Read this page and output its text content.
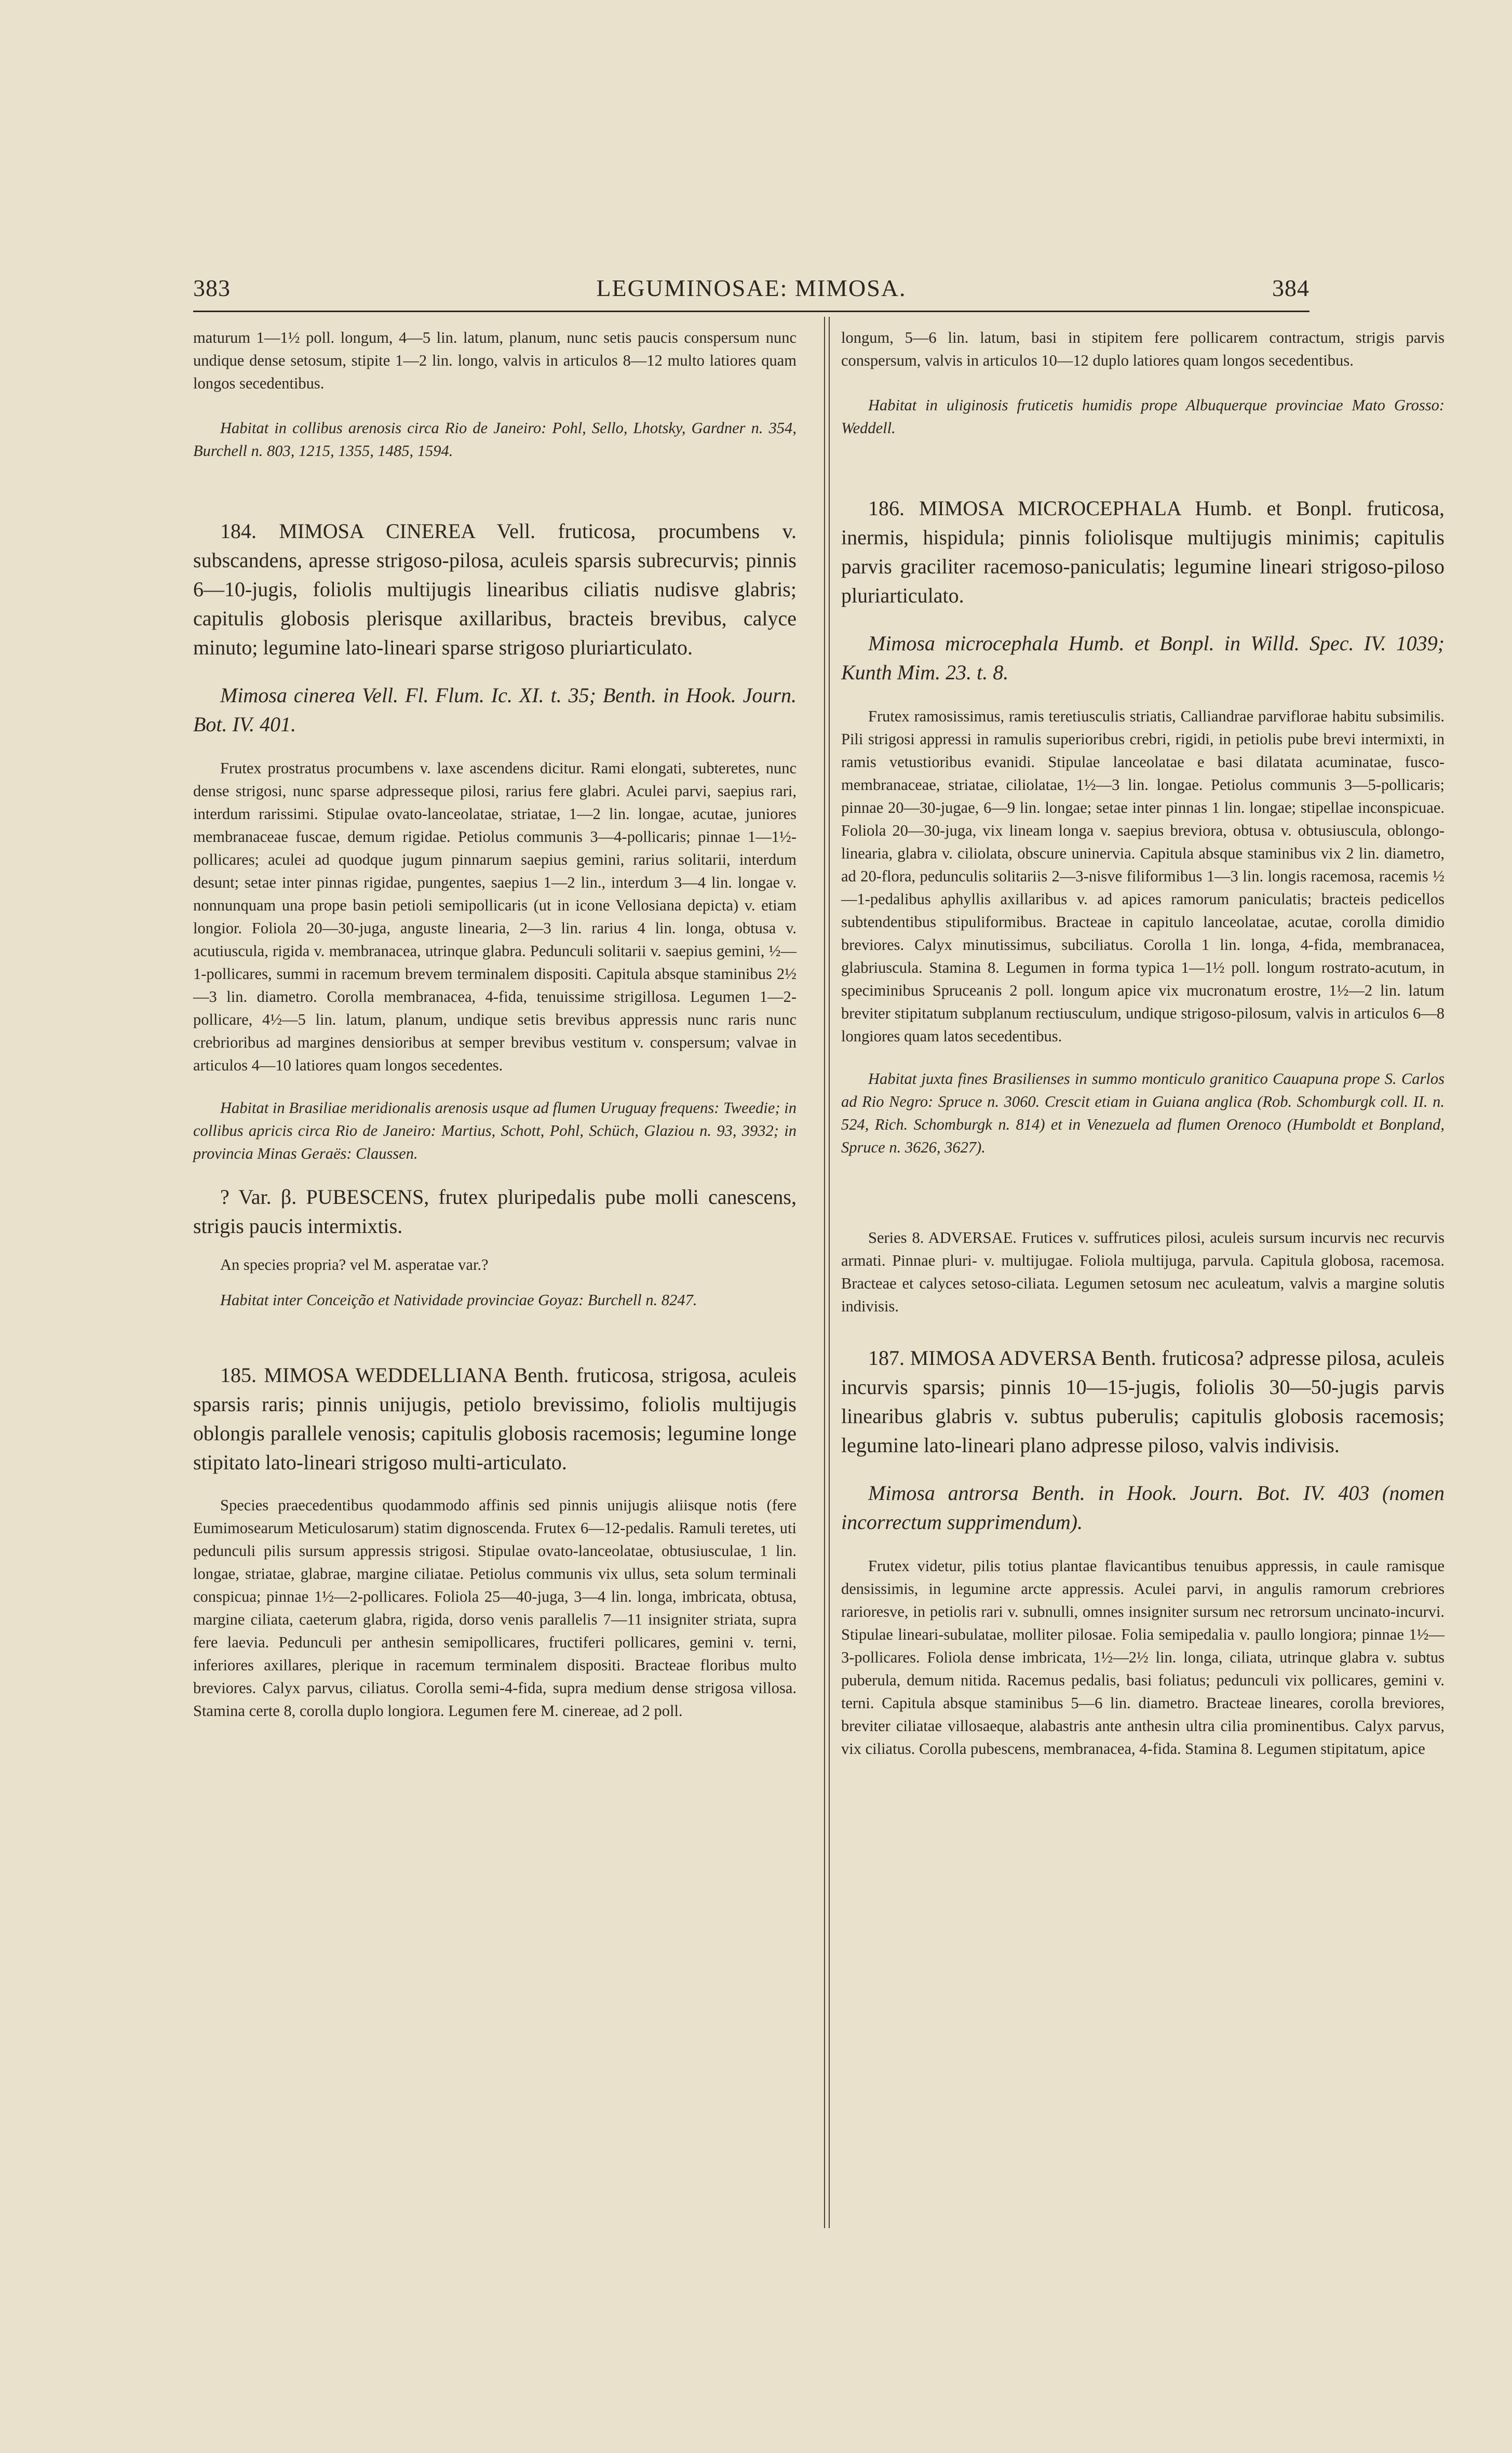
383	LEGUMINOSAE: MIMOSA.	384

maturum 1—1½ poll. longum, 4—5 lin. latum, planum, nunc setis paucis conspersum nunc undique dense setosum, stipite 1—2 lin. longo, valvis in articulos 8—12 multo latiores quam longos secedentibus.

Habitat in collibus arenosis circa Rio de Janeiro: Pohl, Sello, Lhotsky, Gardner n. 354, Burchell n. 803, 1215, 1355, 1485, 1594.

184. MIMOSA CINEREA Vell. fruticosa, procumbens v. subscandens, apresse strigoso-pilosa, aculeis sparsis subrecurvis; pinnis 6—10-jugis, foliolis multijugis linearibus ciliatis nudisve glabris; capitulis globosis plerisque axillaribus, bracteis brevibus, calyce minuto; legumine lato-lineari sparse strigoso pluriarticulato.

Mimosa cinerea Vell. Fl. Flum. Ic. XI. t. 35; Benth. in Hook. Journ. Bot. IV. 401.

Frutex prostratus procumbens v. laxe ascendens dicitur. Rami elongati, subteretes, nunc dense strigosi, nunc sparse adpresseque pilosi, rarius fere glabri. Aculei parvi, saepius rari, interdum rarissimi. Stipulae ovato-lanceolatae, striatae, 1—2 lin. longae, acutae, juniores membranaceae fuscae, demum rigidae. Petiolus communis 3—4-pollicaris; pinnae 1—1½-pollicares; aculei ad quodque jugum pinnarum saepius gemini, rarius solitarii, interdum desunt; setae inter pinnas rigidae, pungentes, saepius 1—2 lin., interdum 3—4 lin. longae v. nonnunquam una prope basin petioli semipollicaris (ut in icone Vellosiana depicta) v. etiam longior. Foliola 20—30-juga, anguste linearia, 2—3 lin. rarius 4 lin. longa, obtusa v. acutiuscula, rigida v. membranacea, utrinque glabra. Pedunculi solitarii v. saepius gemini, ½—1-pollicares, summi in racemum brevem terminalem dispositi. Capitula absque staminibus 2½—3 lin. diametro. Corolla membranacea, 4-fida, tenuissime strigillosa. Legumen 1—2-pollicare, 4½—5 lin. latum, planum, undique setis brevibus appressis nunc raris nunc crebrioribus ad margines densioribus at semper brevibus vestitum v. conspersum; valvae in articulos 4—10 latiores quam longos secedentes.

Habitat in Brasiliae meridionalis arenosis usque ad flumen Uruguay frequens: Tweedie; in collibus apricis circa Rio de Janeiro: Martius, Schott, Pohl, Schüch, Glaziou n. 93, 3932; in provincia Minas Geraës: Claussen.

? Var. β. PUBESCENS, frutex pluripedalis pube molli canescens, strigis paucis intermixtis.

An species propria? vel M. asperatae var.?

Habitat inter Conceição et Natividade provinciae Goyaz: Burchell n. 8247.

185. MIMOSA WEDDELLIANA Benth. fruticosa, strigosa, aculeis sparsis raris; pinnis unijugis, petiolo brevissimo, foliolis multijugis oblongis parallele venosis; capitulis globosis racemosis; legumine longe stipitato lato-lineari strigoso multi-articulato.

Species praecedentibus quodammodo affinis sed pinnis unijugis aliisque notis (fere Eumimosearum Meticulosarum) statim dignoscenda. Frutex 6—12-pedalis. Ramuli teretes, uti pedunculi pilis sursum appressis strigosi. Stipulae ovato-lanceolatae, obtusiusculae, 1 lin. longae, striatae, glabrae, margine ciliatae. Petiolus communis vix ullus, seta solum terminali conspicua; pinnae 1½—2-pollicares. Foliola 25—40-juga, 3—4 lin. longa, imbricata, obtusa, margine ciliata, caeterum glabra, rigida, dorso venis parallelis 7—11 insigniter striata, supra fere laevia. Pedunculi per anthesin semipollicares, fructiferi pollicares, gemini v. terni, inferiores axillares, plerique in racemum terminalem dispositi. Bracteae floribus multo breviores. Calyx parvus, ciliatus. Corolla semi-4-fida, supra medium dense strigosa villosa. Stamina certe 8, corolla duplo longiora. Legumen fere M. cinereae, ad 2 poll.

longum, 5—6 lin. latum, basi in stipitem fere pollicarem contractum, strigis parvis conspersum, valvis in articulos 10—12 duplo latiores quam longos secedentibus.

Habitat in uliginosis fruticetis humidis prope Albuquerque provinciae Mato Grosso: Weddell.

186. MIMOSA MICROCEPHALA Humb. et Bonpl. fruticosa, inermis, hispidula; pinnis foliolisque multijugis minimis; capitulis parvis graciliter racemoso-paniculatis; legumine lineari strigoso-piloso pluriarticulato.

Mimosa microcephala Humb. et Bonpl. in Willd. Spec. IV. 1039; Kunth Mim. 23. t. 8.

Frutex ramosissimus, ramis teretiusculis striatis, Calliandrae parviflorae habitu subsimilis. Pili strigosi appressi in ramulis superioribus crebri, rigidi, in petiolis pube brevi intermixti, in ramis vetustioribus evanidi. Stipulae lanceolatae e basi dilatata acuminatae, fusco-membranaceae, striatae, ciliolatae, 1½—3 lin. longae. Petiolus communis 3—5-pollicaris; pinnae 20—30-jugae, 6—9 lin. longae; setae inter pinnas 1 lin. longae; stipellae inconspicuae. Foliola 20—30-juga, vix lineam longa v. saepius breviora, obtusa v. obtusiuscula, oblongo-linearia, glabra v. ciliolata, obscure uninervia. Capitula absque staminibus vix 2 lin. diametro, ad 20-flora, pedunculis solitariis 2—3-nisve filiformibus 1—3 lin. longis racemosa, racemis ½—1-pedalibus aphyllis axillaribus v. ad apices ramorum paniculatis; bracteis pedicellos subtendentibus stipuliformibus. Bracteae in capitulo lanceolatae, acutae, corolla dimidio breviores. Calyx minutissimus, subciliatus. Corolla 1 lin. longa, 4-fida, membranacea, glabriuscula. Stamina 8. Legumen in forma typica 1—1½ poll. longum rostrato-acutum, in speciminibus Spruceanis 2 poll. longum apice vix mucronatum erostre, 1½—2 lin. latum breviter stipitatum subplanum rectiusculum, undique strigoso-pilosum, valvis in articulos 6—8 longiores quam latos secedentibus.

Habitat juxta fines Brasilienses in summo monticulo granitico Cauapuna prope S. Carlos ad Rio Negro: Spruce n. 3060. Crescit etiam in Guiana anglica (Rob. Schomburgk coll. II. n. 524, Rich. Schomburgk n. 814) et in Venezuela ad flumen Orenoco (Humboldt et Bonpland, Spruce n. 3626, 3627).

Series 8. ADVERSAE. Frutices v. suffrutices pilosi, aculeis sursum incurvis nec recurvis armati. Pinnae pluri- v. multijugae. Foliola multijuga, parvula. Capitula globosa, racemosa. Bracteae et calyces setoso-ciliata. Legumen setosum nec aculeatum, valvis a margine solutis indivisis.

187. MIMOSA ADVERSA Benth. fruticosa? adpresse pilosa, aculeis incurvis sparsis; pinnis 10—15-jugis, foliolis 30—50-jugis parvis linearibus glabris v. subtus puberulis; capitulis globosis racemosis; legumine lato-lineari plano adpresse piloso, valvis indivisis.

Mimosa antrorsa Benth. in Hook. Journ. Bot. IV. 403 (nomen incorrectum supprimendum).

Frutex videtur, pilis totius plantae flavicantibus tenuibus appressis, in caule ramisque densissimis, in legumine arcte appressis. Aculei parvi, in angulis ramorum crebriores rarioresve, in petiolis rari v. subnulli, omnes insigniter sursum nec retrorsum uncinato-incurvi. Stipulae lineari-subulatae, molliter pilosae. Folia semipedalia v. paullo longiora; pinnae 1½—3-pollicares. Foliola dense imbricata, 1½—2½ lin. longa, ciliata, utrinque glabra v. subtus puberula, demum nitida. Racemus pedalis, basi foliatus; pedunculi vix pollicares, gemini v. terni. Capitula absque staminibus 5—6 lin. diametro. Bracteae lineares, corolla breviores, breviter ciliatae villosaeque, alabastris ante anthesin ultra cilia prominentibus. Calyx parvus, vix ciliatus. Corolla pubescens, membranacea, 4-fida. Stamina 8. Legumen stipitatum, apice
